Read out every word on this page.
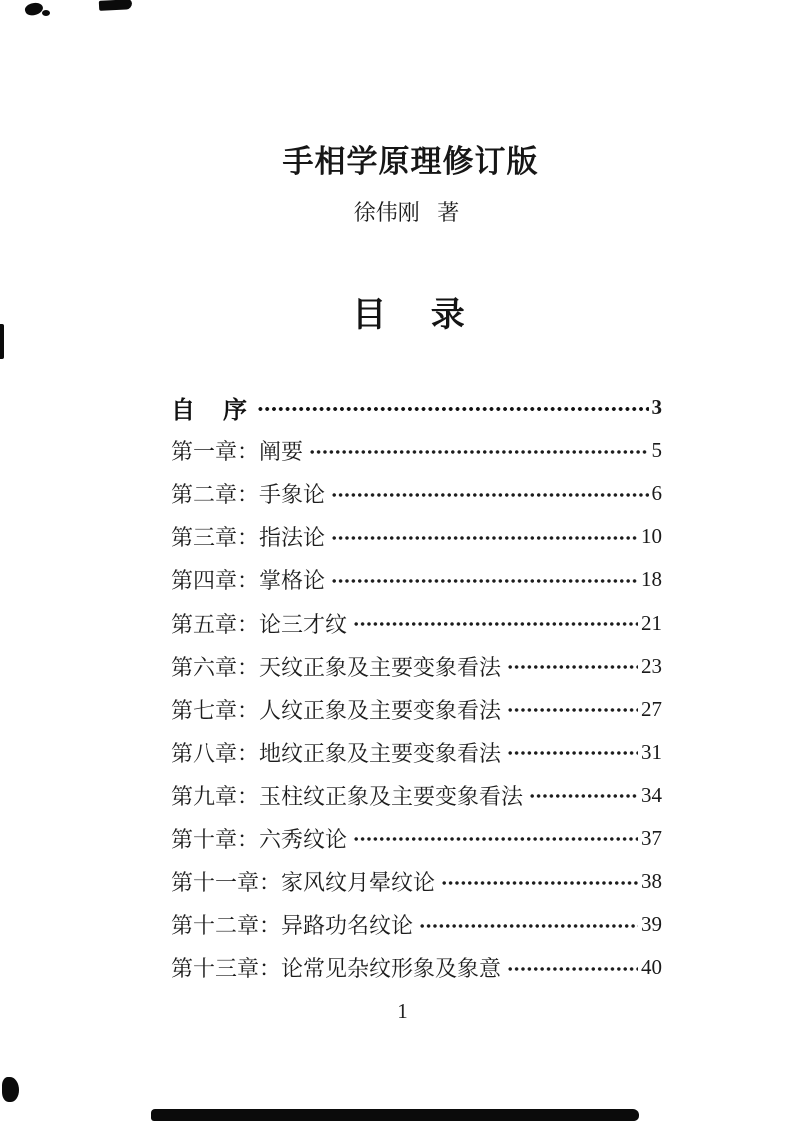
手相学原理修订版
徐伟刚 著
目 录
自 序	3
第一章：阐要	5
第二章：手象论	6
第三章：指法论	10
第四章：掌格论	18
第五章：论三才纹	21
第六章：天纹正象及主要变象看法	23
第七章：人纹正象及主要变象看法	27
第八章：地纹正象及主要变象看法	31
第九章：玉柱纹正象及主要变象看法	34
第十章：六秀纹论	37
第十一章：家风纹月晕纹论	38
第十二章：异路功名纹论	39
第十三章：论常见杂纹形象及象意	40
1
